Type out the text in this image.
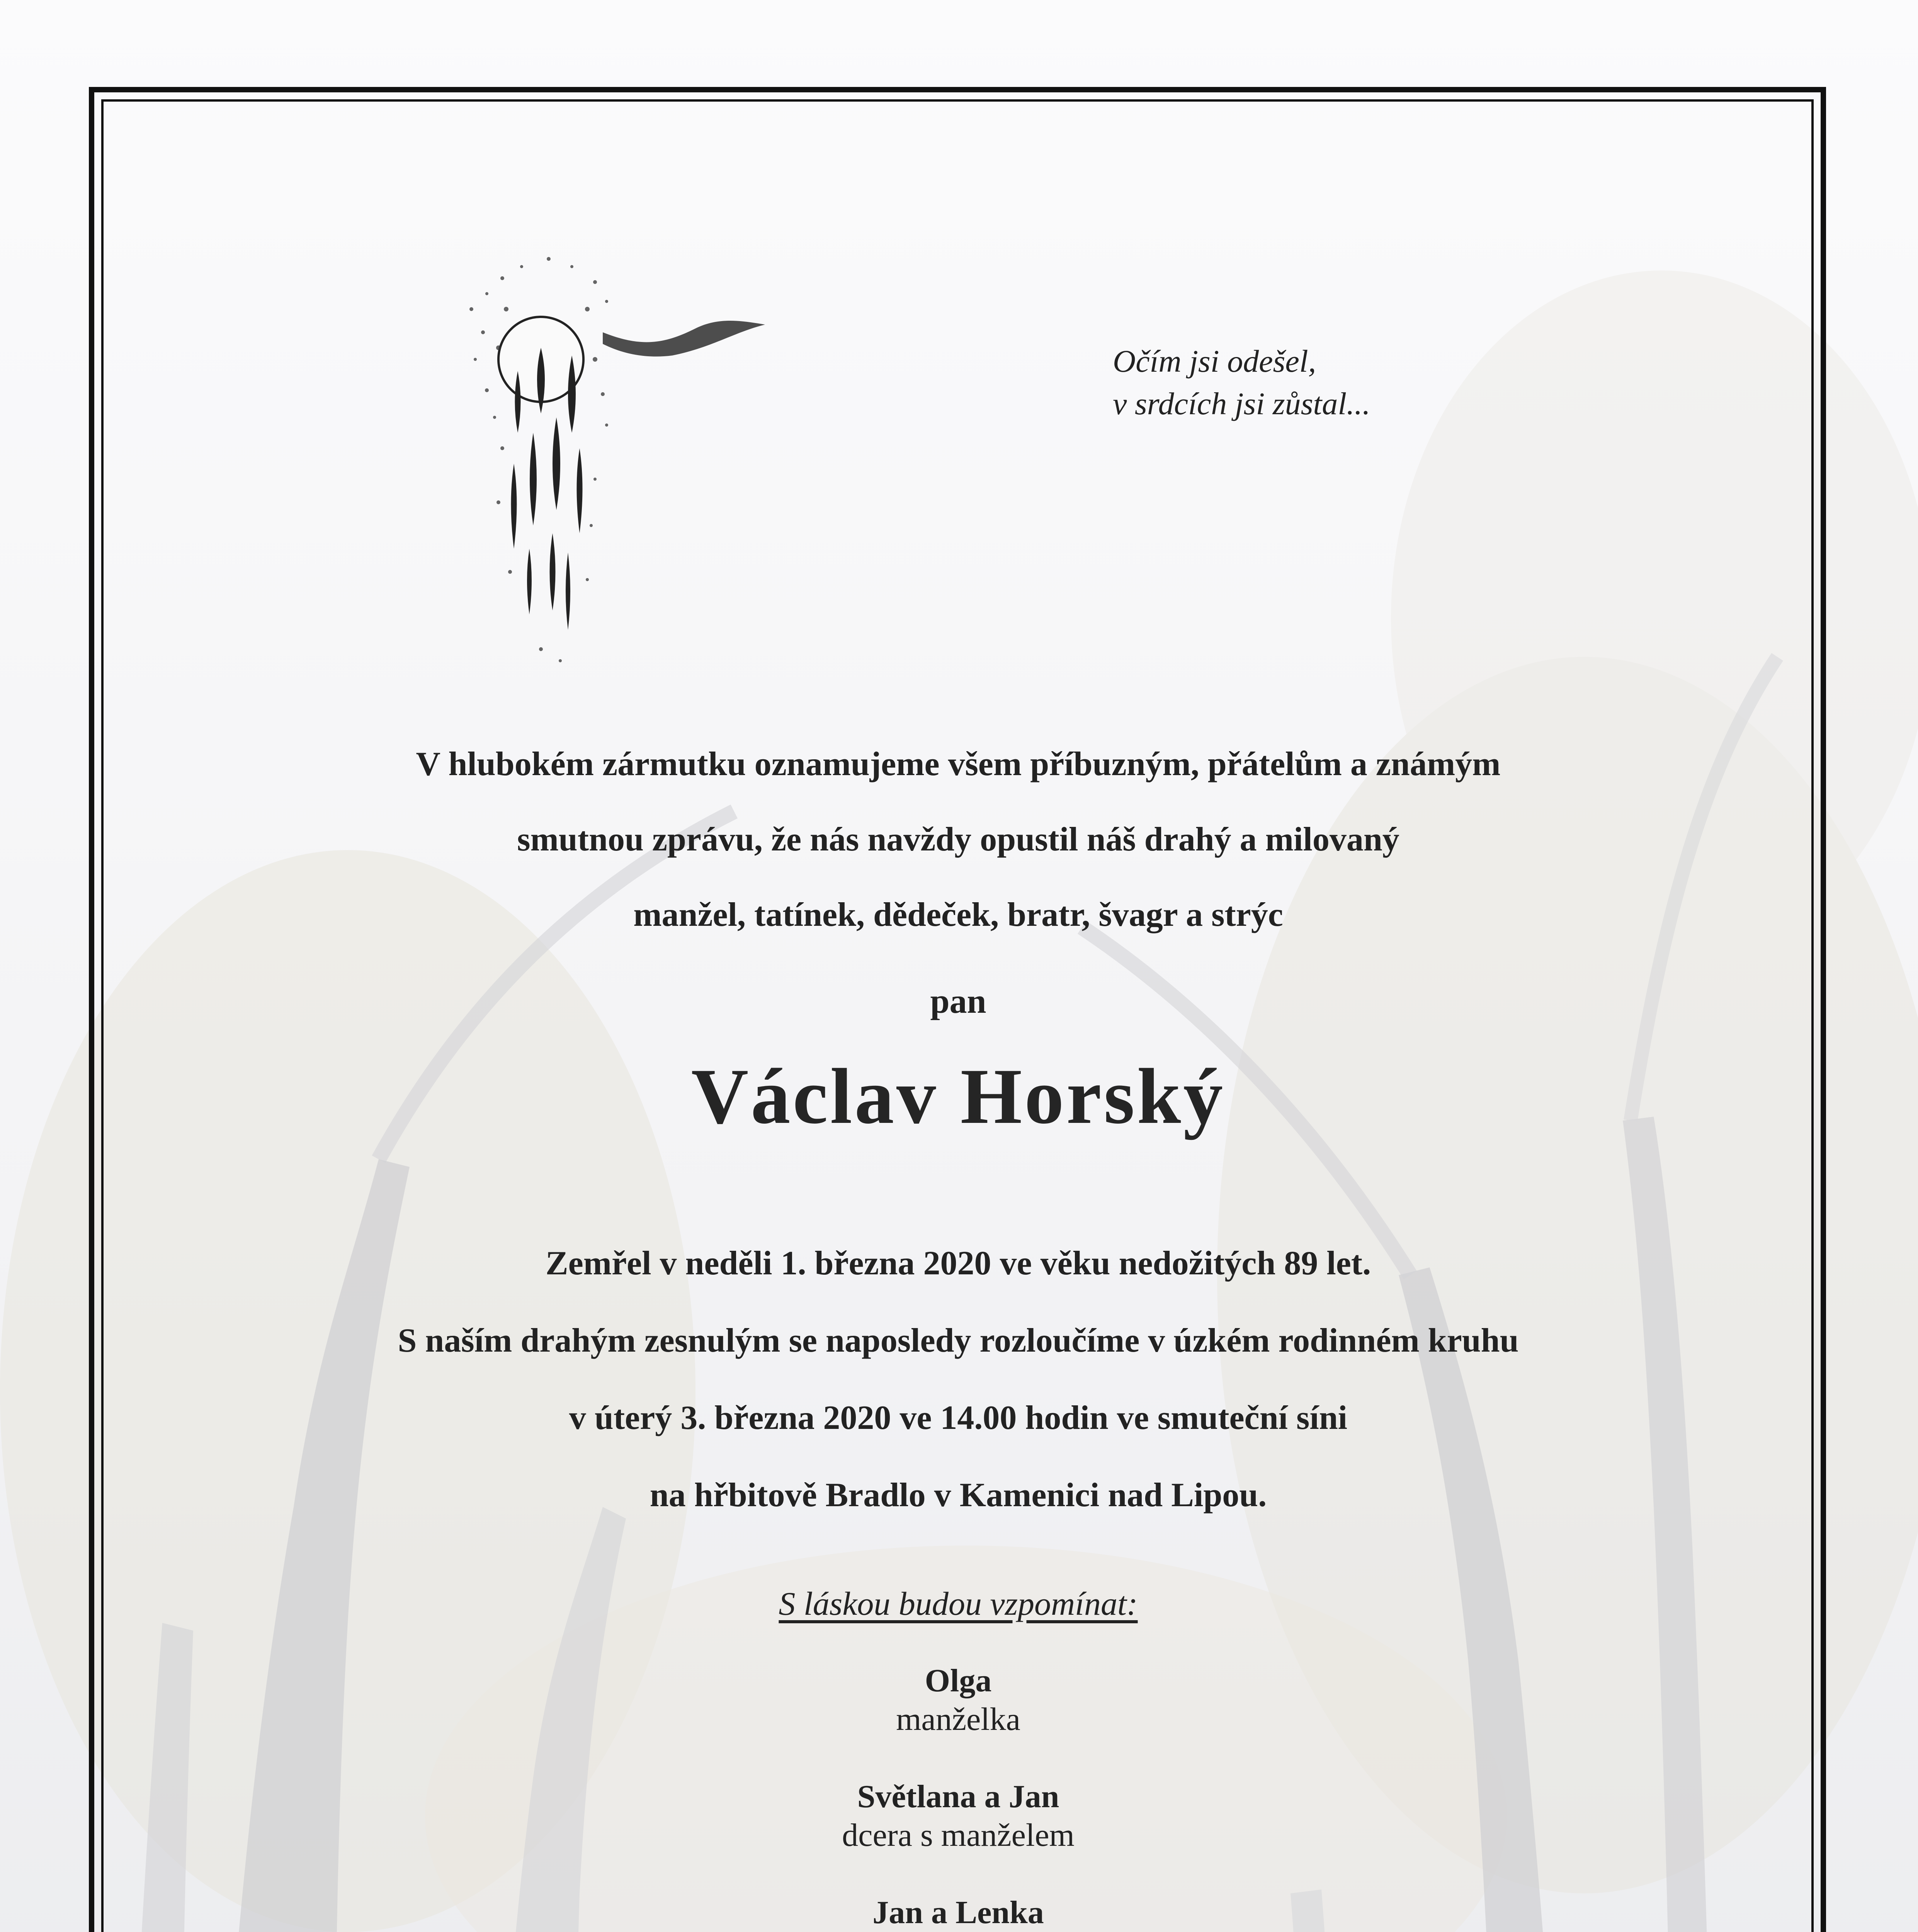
Očím jsi odešel,
v srdcích jsi zůstal...
V hlubokém zármutku oznamujeme všem příbuzným, přátelům a známým
smutnou zprávu, že nás navždy opustil náš drahý a milovaný
manžel, tatínek, dědeček, bratr, švagr a strýc
pan
Václav Horský
Zemřel v neděli 1. března 2020 ve věku nedožitých 89 let.
S naším drahým zesnulým se naposledy rozloučíme v úzkém rodinném kruhu
v úterý 3. března 2020 ve 14.00 hodin ve smuteční síni
na hřbitově Bradlo v Kamenici nad Lipou.
S láskou budou vzpomínat:
Olga
manželka
Světlana a Jan
dcera s manželem
Jan a Lenka
